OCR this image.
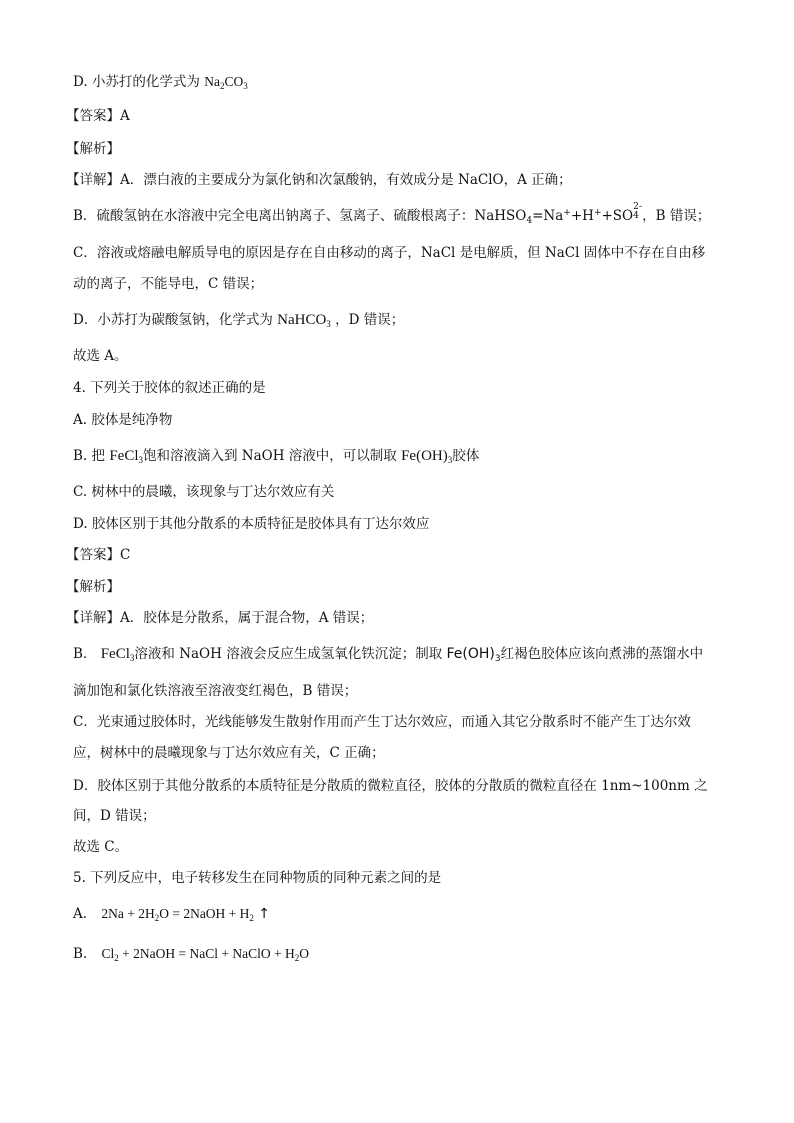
D. 小苏打的化学式为 $Na_2CO_3$
【答案】A
【解析】
【详解】A．漂白液的主要成分为氯化钠和次氯酸钠，有效成分是 NaClO，A 正确；
B．硫酸氢钠在水溶液中完全电离出钠离子、氢离子、硫酸根离子：NaHSO$_4$=Na++H++SO
2-
4 ，B 错误；
C．溶液或熔融电解质导电的原因是存在自由移动的离子，NaCl 是电解质，但 NaCl 固体中不存在自由移
动的离子，不能导电，C 错误；
D．小苏打为碳酸氢钠，化学式为 NaHCO$_3$ ，D 错误；
故选 A。
4. 下列关于胶体的叙述正确的是
A. 胶体是纯净物
B. 把 FeCl$_3$饱和溶液滴入到 NaOH 溶液中，可以制取 $Fe(OH)_3$胶体
C. 树林中的晨曦，该现象与丁达尔效应有关
D. 胶体区别于其他分散系的本质特征是胶体具有丁达尔效应
【答案】C
【解析】
【详解】A．胶体是分散系，属于混合物，A 错误；
B． FeCl$_3$溶液和 NaOH 溶液会反应生成氢氧化铁沉淀；制取 $Fe(OH)_3$红褐色胶体应该向煮沸的蒸馏水中
滴加饱和氯化铁溶液至溶液变红褐色，B 错误；
C．光束通过胶体时，光线能够发生散射作用而产生丁达尔效应，而通入其它分散系时不能产生丁达尔效
应，树林中的晨曦现象与丁达尔效应有关，C 正确；
D．胶体区别于其他分散系的本质特征是分散质的微粒直径，胶体的分散质的微粒直径在 1nm~100nm 之
间，D 错误；
故选 C。
5. 下列反应中，电子转移发生在同种物质的同种元素之间的是
A. $2Na + 2H_2O$ = 2NaOH + $H_2$ ↑
B. $Cl_2$ + 2NaOH = NaCl + NaClO + $H_2O$
